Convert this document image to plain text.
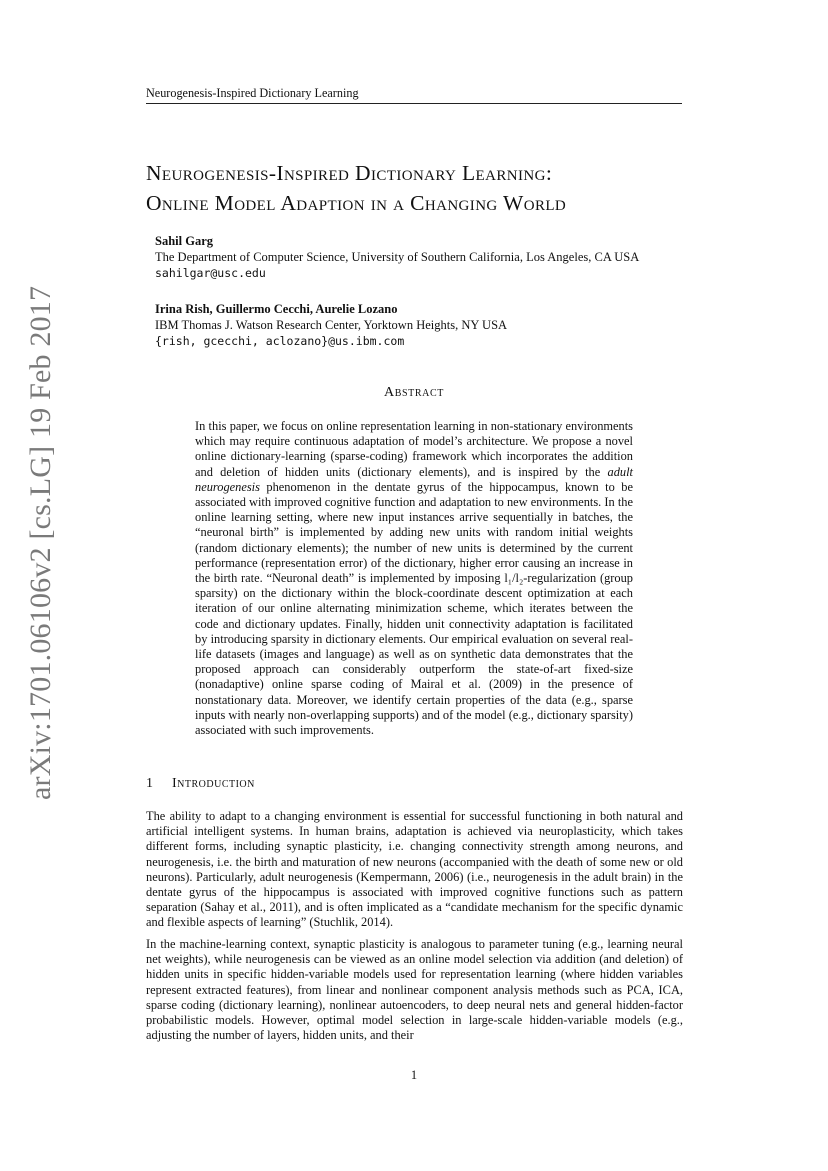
arXiv:1701.06106v2 [cs.LG] 19 Feb 2017
Neurogenesis-Inspired Dictionary Learning
Neurogenesis-Inspired Dictionary Learning:
Online Model Adaption in a Changing World
Sahil Garg
The Department of Computer Science, University of Southern California, Los Angeles, CA USA
sahilgar@usc.edu
Irina Rish, Guillermo Cecchi, Aurelie Lozano
IBM Thomas J. Watson Research Center, Yorktown Heights, NY USA
{rish, gcecchi, aclozano}@us.ibm.com
Abstract
In this paper, we focus on online representation learning in non-stationary environments which may require continuous adaptation of model’s architecture. We propose a novel online dictionary-learning (sparse-coding) framework which incorporates the addition and deletion of hidden units (dictionary elements), and is inspired by the adult neurogenesis phenomenon in the dentate gyrus of the hippocampus, known to be associated with improved cognitive function and adaptation to new environments. In the online learning setting, where new input instances arrive sequentially in batches, the “neuronal birth” is implemented by adding new units with random initial weights (random dictionary elements); the number of new units is determined by the current performance (representation error) of the dictionary, higher error causing an increase in the birth rate. “Neuronal death” is implemented by imposing l₁/l₂-regularization (group sparsity) on the dictionary within the block-coordinate descent optimization at each iteration of our online alternating minimization scheme, which iterates between the code and dictionary updates. Finally, hidden unit connectivity adaptation is facilitated by introducing sparsity in dictionary elements. Our empirical evaluation on several real-life datasets (images and language) as well as on synthetic data demonstrates that the proposed approach can considerably outperform the state-of-art fixed-size (nonadaptive) online sparse coding of Mairal et al. (2009) in the presence of nonstationary data. Moreover, we identify certain properties of the data (e.g., sparse inputs with nearly non-overlapping supports) and of the model (e.g., dictionary sparsity) associated with such improvements.
1 Introduction
The ability to adapt to a changing environment is essential for successful functioning in both natural and artificial intelligent systems. In human brains, adaptation is achieved via neuroplasticity, which takes different forms, including synaptic plasticity, i.e. changing connectivity strength among neurons, and neurogenesis, i.e. the birth and maturation of new neurons (accompanied with the death of some new or old neurons). Particularly, adult neurogenesis (Kempermann, 2006) (i.e., neurogenesis in the adult brain) in the dentate gyrus of the hippocampus is associated with improved cognitive functions such as pattern separation (Sahay et al., 2011), and is often implicated as a “candidate mechanism for the specific dynamic and flexible aspects of learning” (Stuchlik, 2014).
In the machine-learning context, synaptic plasticity is analogous to parameter tuning (e.g., learning neural net weights), while neurogenesis can be viewed as an online model selection via addition (and deletion) of hidden units in specific hidden-variable models used for representation learning (where hidden variables represent extracted features), from linear and nonlinear component analysis methods such as PCA, ICA, sparse coding (dictionary learning), nonlinear autoencoders, to deep neural nets and general hidden-factor probabilistic models. However, optimal model selection in large-scale hidden-variable models (e.g., adjusting the number of layers, hidden units, and their
1
